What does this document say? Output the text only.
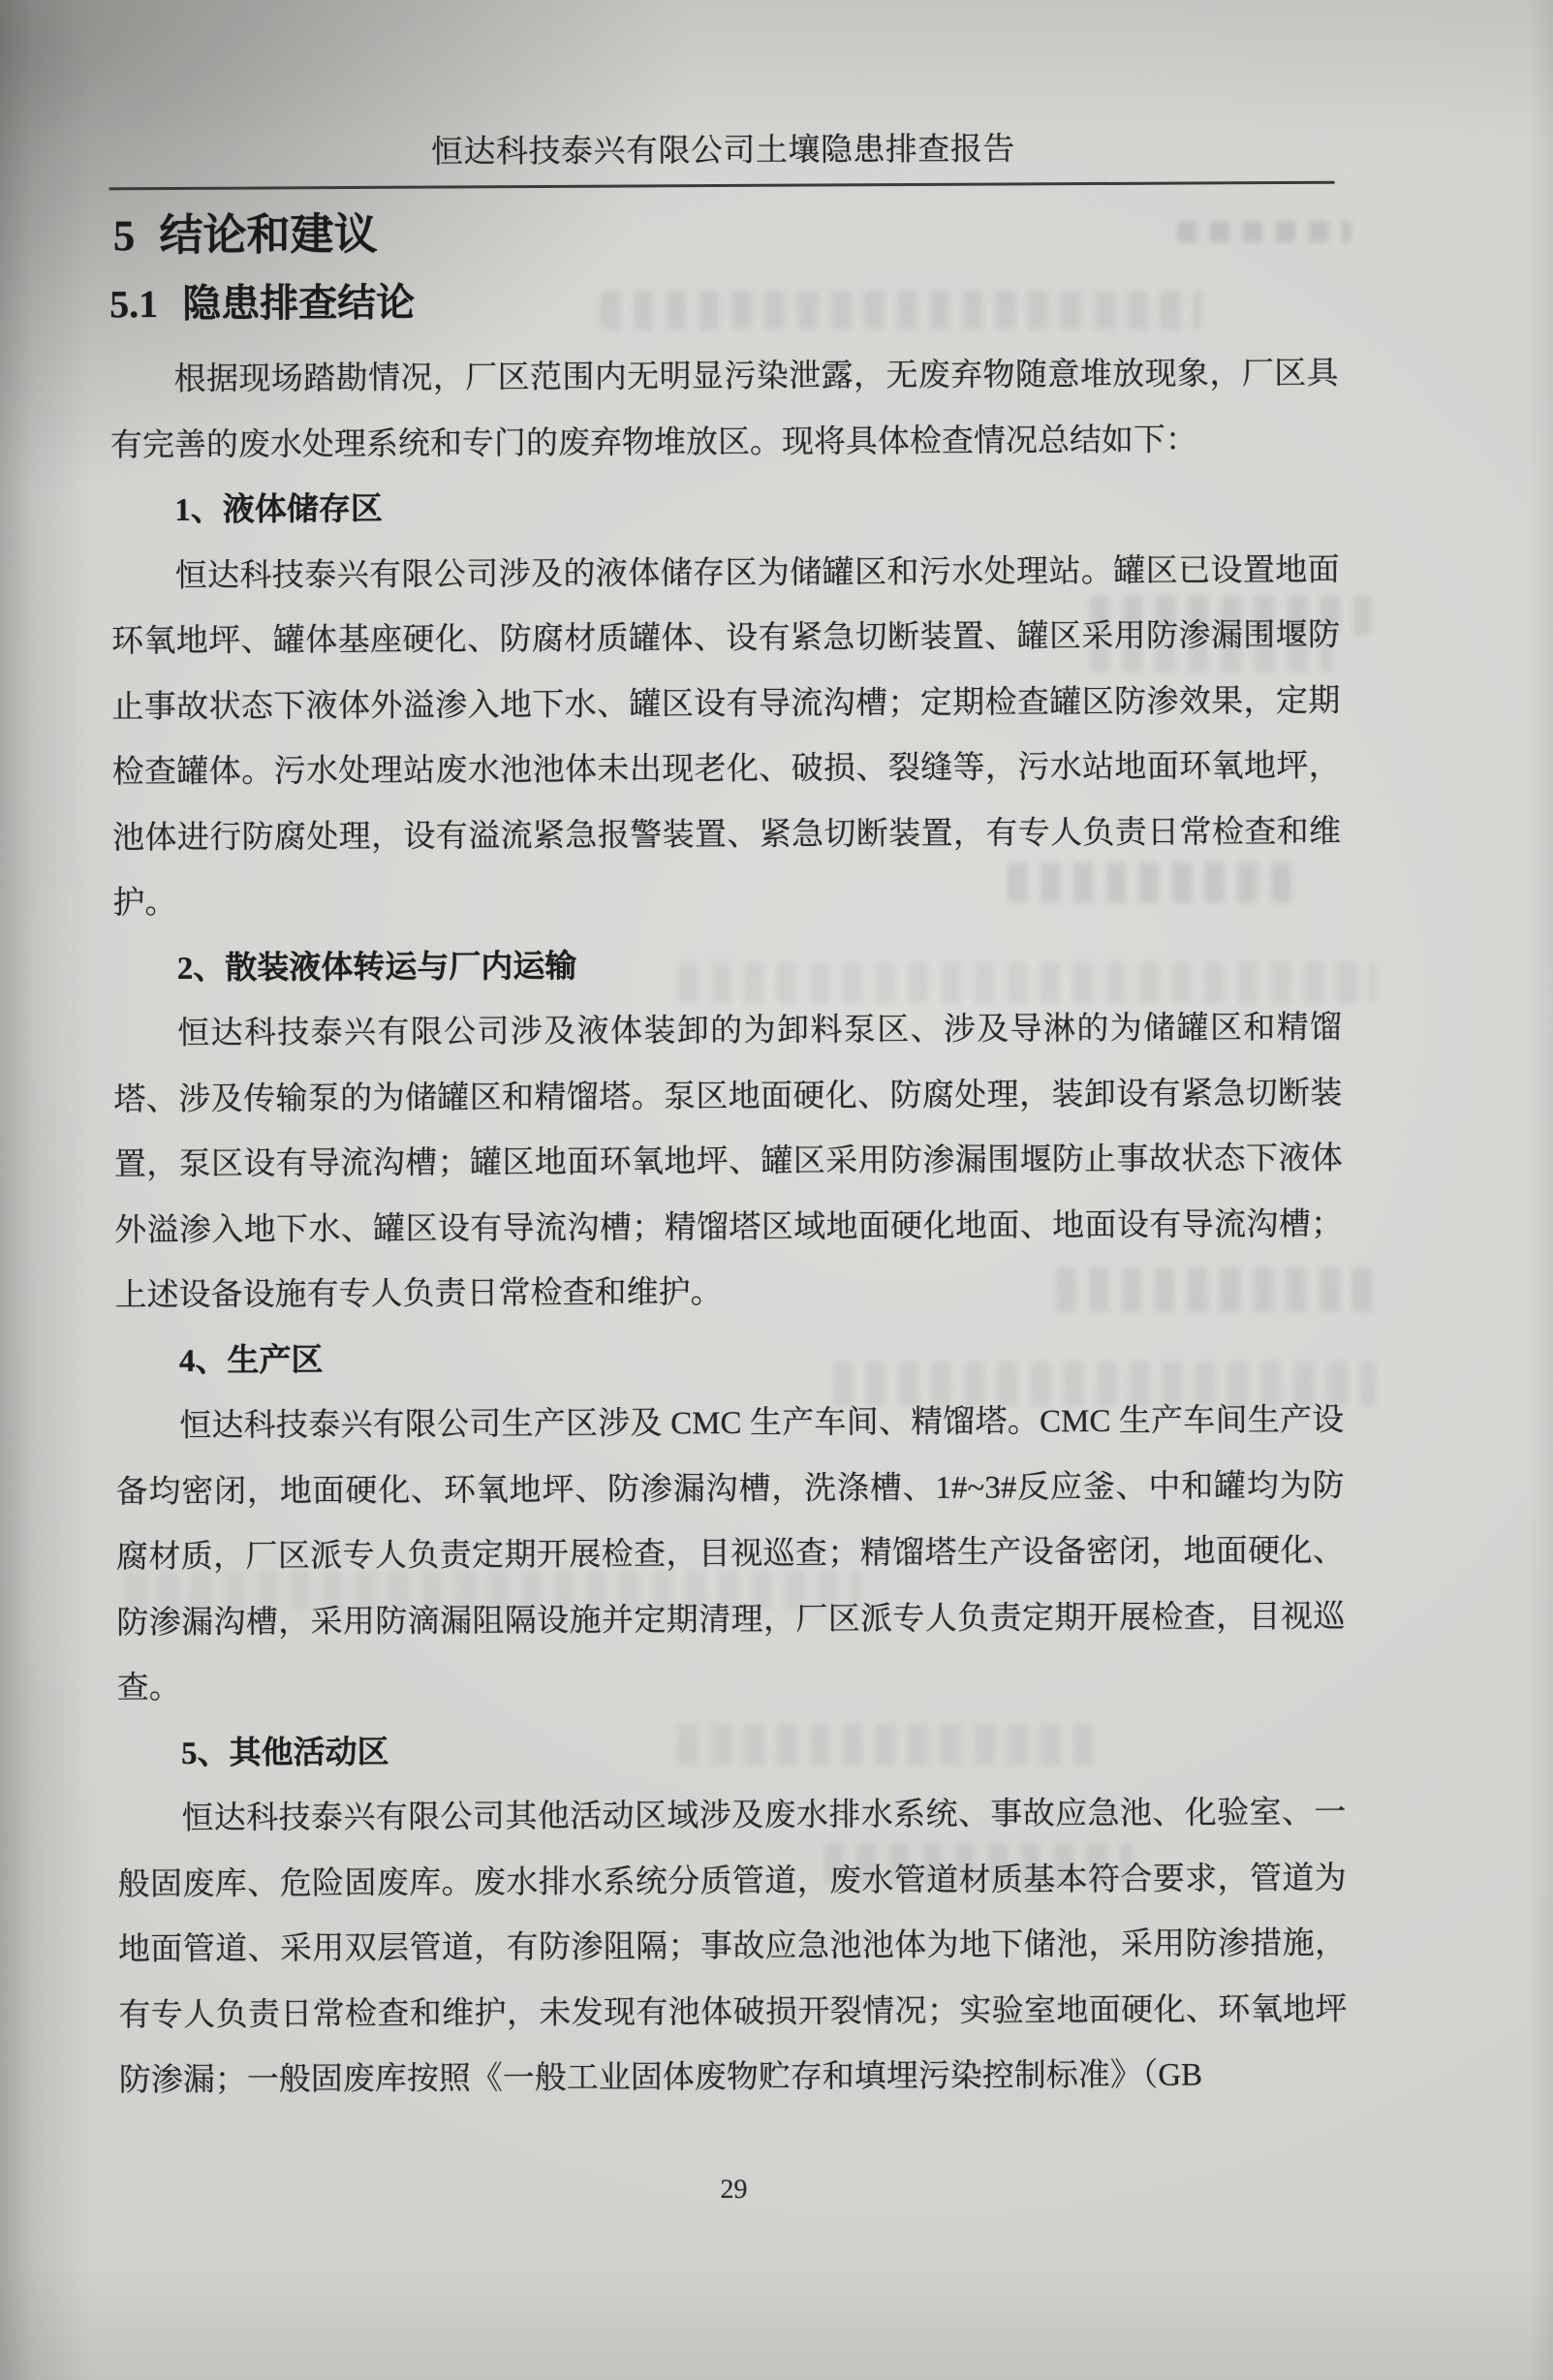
恒达科技泰兴有限公司土壤隐患排查报告
5 结论和建议
5.1 隐患排查结论

根据现场踏勘情况，厂区范围内无明显污染泄露，无废弃物随意堆放现象，厂区具有完善的废水处理系统和专门的废弃物堆放区。现将具体检查情况总结如下：

1、液体储存区

恒达科技泰兴有限公司涉及的液体储存区为储罐区和污水处理站。罐区已设置地面环氧地坪、罐体基座硬化、防腐材质罐体、设有紧急切断装置、罐区采用防渗漏围堰防止事故状态下液体外溢渗入地下水、罐区设有导流沟槽；定期检查罐区防渗效果，定期检查罐体。污水处理站废水池池体未出现老化、破损、裂缝等，污水站地面环氧地坪，池体进行防腐处理，设有溢流紧急报警装置、紧急切断装置，有专人负责日常检查和维护。

2、散装液体转运与厂内运输

恒达科技泰兴有限公司涉及液体装卸的为卸料泵区、涉及导淋的为储罐区和精馏塔、涉及传输泵的为储罐区和精馏塔。泵区地面硬化、防腐处理，装卸设有紧急切断装置，泵区设有导流沟槽；罐区地面环氧地坪、罐区采用防渗漏围堰防止事故状态下液体外溢渗入地下水、罐区设有导流沟槽；精馏塔区域地面硬化地面、地面设有导流沟槽；上述设备设施有专人负责日常检查和维护。

4、生产区

恒达科技泰兴有限公司生产区涉及 CMC 生产车间、精馏塔。CMC 生产车间生产设备均密闭，地面硬化、环氧地坪、防渗漏沟槽，洗涤槽、1#~3#反应釜、中和罐均为防腐材质，厂区派专人负责定期开展检查，目视巡查；精馏塔生产设备密闭，地面硬化、防渗漏沟槽，采用防滴漏阻隔设施并定期清理，厂区派专人负责定期开展检查，目视巡查。

5、其他活动区

恒达科技泰兴有限公司其他活动区域涉及废水排水系统、事故应急池、化验室、一般固废库、危险固废库。废水排水系统分质管道，废水管道材质基本符合要求，管道为地面管道、采用双层管道，有防渗阻隔；事故应急池池体为地下储池，采用防渗措施，有专人负责日常检查和维护，未发现有池体破损开裂情况；实验室地面硬化、环氧地坪防渗漏；一般固废库按照《一般工业固体废物贮存和填埋污染控制标准》（GB

29
